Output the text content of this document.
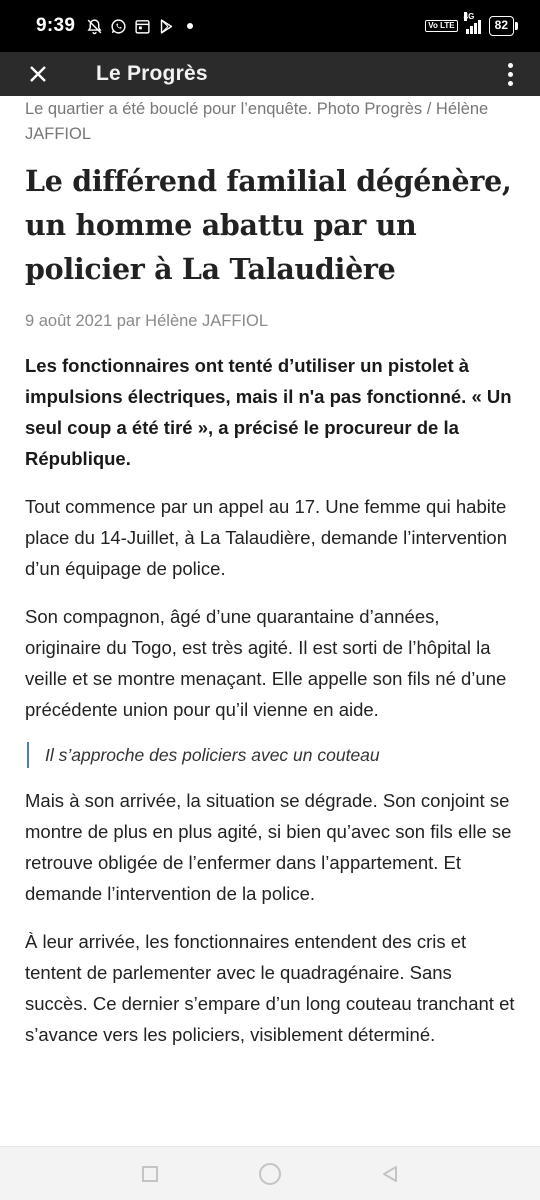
9:39	Vo LTE
4G
82
Le Progrès

Le quartier a été bouclé pour l’enquête. Photo Progrès / Hélène JAFFIOL

Le différend familial dégénère, un homme abattu par un policier à La Talaudière

9 août 2021 par Hélène JAFFIOL

Les fonctionnaires ont tenté d’utiliser un pistolet à impulsions électriques, mais il n'a pas fonctionné. « Un seul coup a été tiré », a précisé le procureur de la République.

Tout commence par un appel au 17. Une femme qui habite place du 14-Juillet, à La Talaudière, demande l’intervention d’un équipage de police.

Son compagnon, âgé d’une quarantaine d’années, originaire du Togo, est très agité. Il est sorti de l’hôpital la veille et se montre menaçant. Elle appelle son fils né d’une précédente union pour qu’il vienne en aide.

Il s’approche des policiers avec un couteau

Mais à son arrivée, la situation se dégrade. Son conjoint se montre de plus en plus agité, si bien qu’avec son fils elle se retrouve obligée de l’enfermer dans l’appartement. Et demande l’intervention de la police.

À leur arrivée, les fonctionnaires entendent des cris et tentent de parlementer avec le quadragénaire. Sans succès. Ce dernier s’empare d’un long couteau tranchant et s’avance vers les policiers, visiblement déterminé.
